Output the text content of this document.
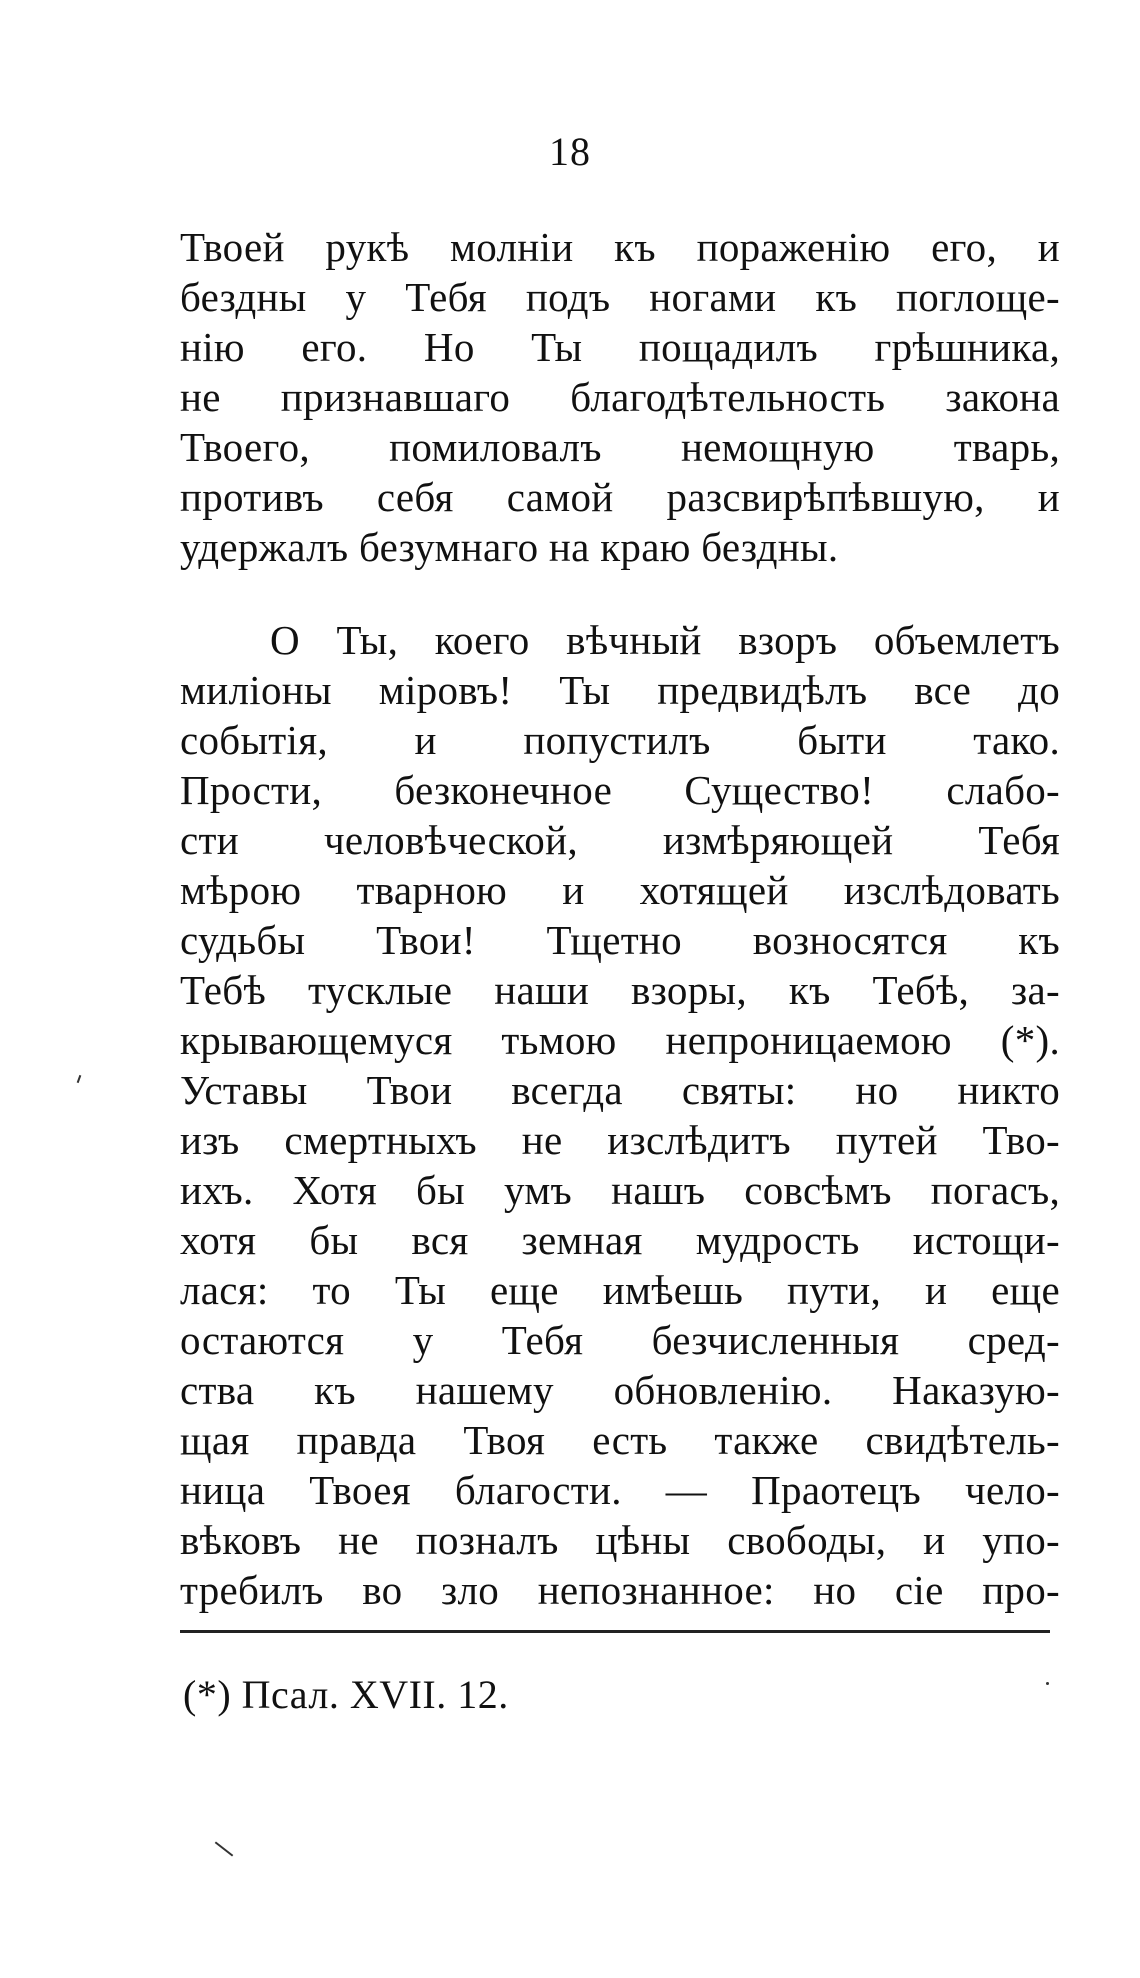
18
Твоей рукѣ молніи къ пораженію его, и
бездны у Тебя подъ ногами къ поглоще-
нію его. Но Ты пощадилъ грѣшника,
не признавшаго благодѣтельность закона
Твоего, помиловалъ немощную тварь,
противъ себя самой разсвирѣпѣвшую, и
удержалъ безумнаго на краю бездны.
О Ты, коего вѣчный взоръ объемлетъ
миліоны міровъ! Ты предвидѣлъ все до
событія, и попустилъ быти тако.
Прости, безконечное Существо! слабо-
сти человѣческой, измѣряющей Тебя
мѣрою тварною и хотящей изслѣдовать
судьбы Твои! Тщетно возносятся къ
Тебѣ тусклые наши взоры, къ Тебѣ, за-
крывающемуся тьмою непроницаемою (*).
Уставы Твои всегда святы: но никто
изъ смертныхъ не изслѣдитъ путей Тво-
ихъ. Хотя бы умъ нашъ совсѣмъ погасъ,
хотя бы вся земная мудрость истощи-
лася: то Ты еще имѣешь пути, и еще
остаются у Тебя безчисленныя сред-
ства къ нашему обновленію. Наказую-
щая правда Твоя есть также свидѣтель-
ница Твоея благости. — Праотецъ чело-
вѣковъ не позналъ цѣны свободы, и упо-
требилъ во зло непознанное: но сіе про-
(*) Псал. XVII. 12.
